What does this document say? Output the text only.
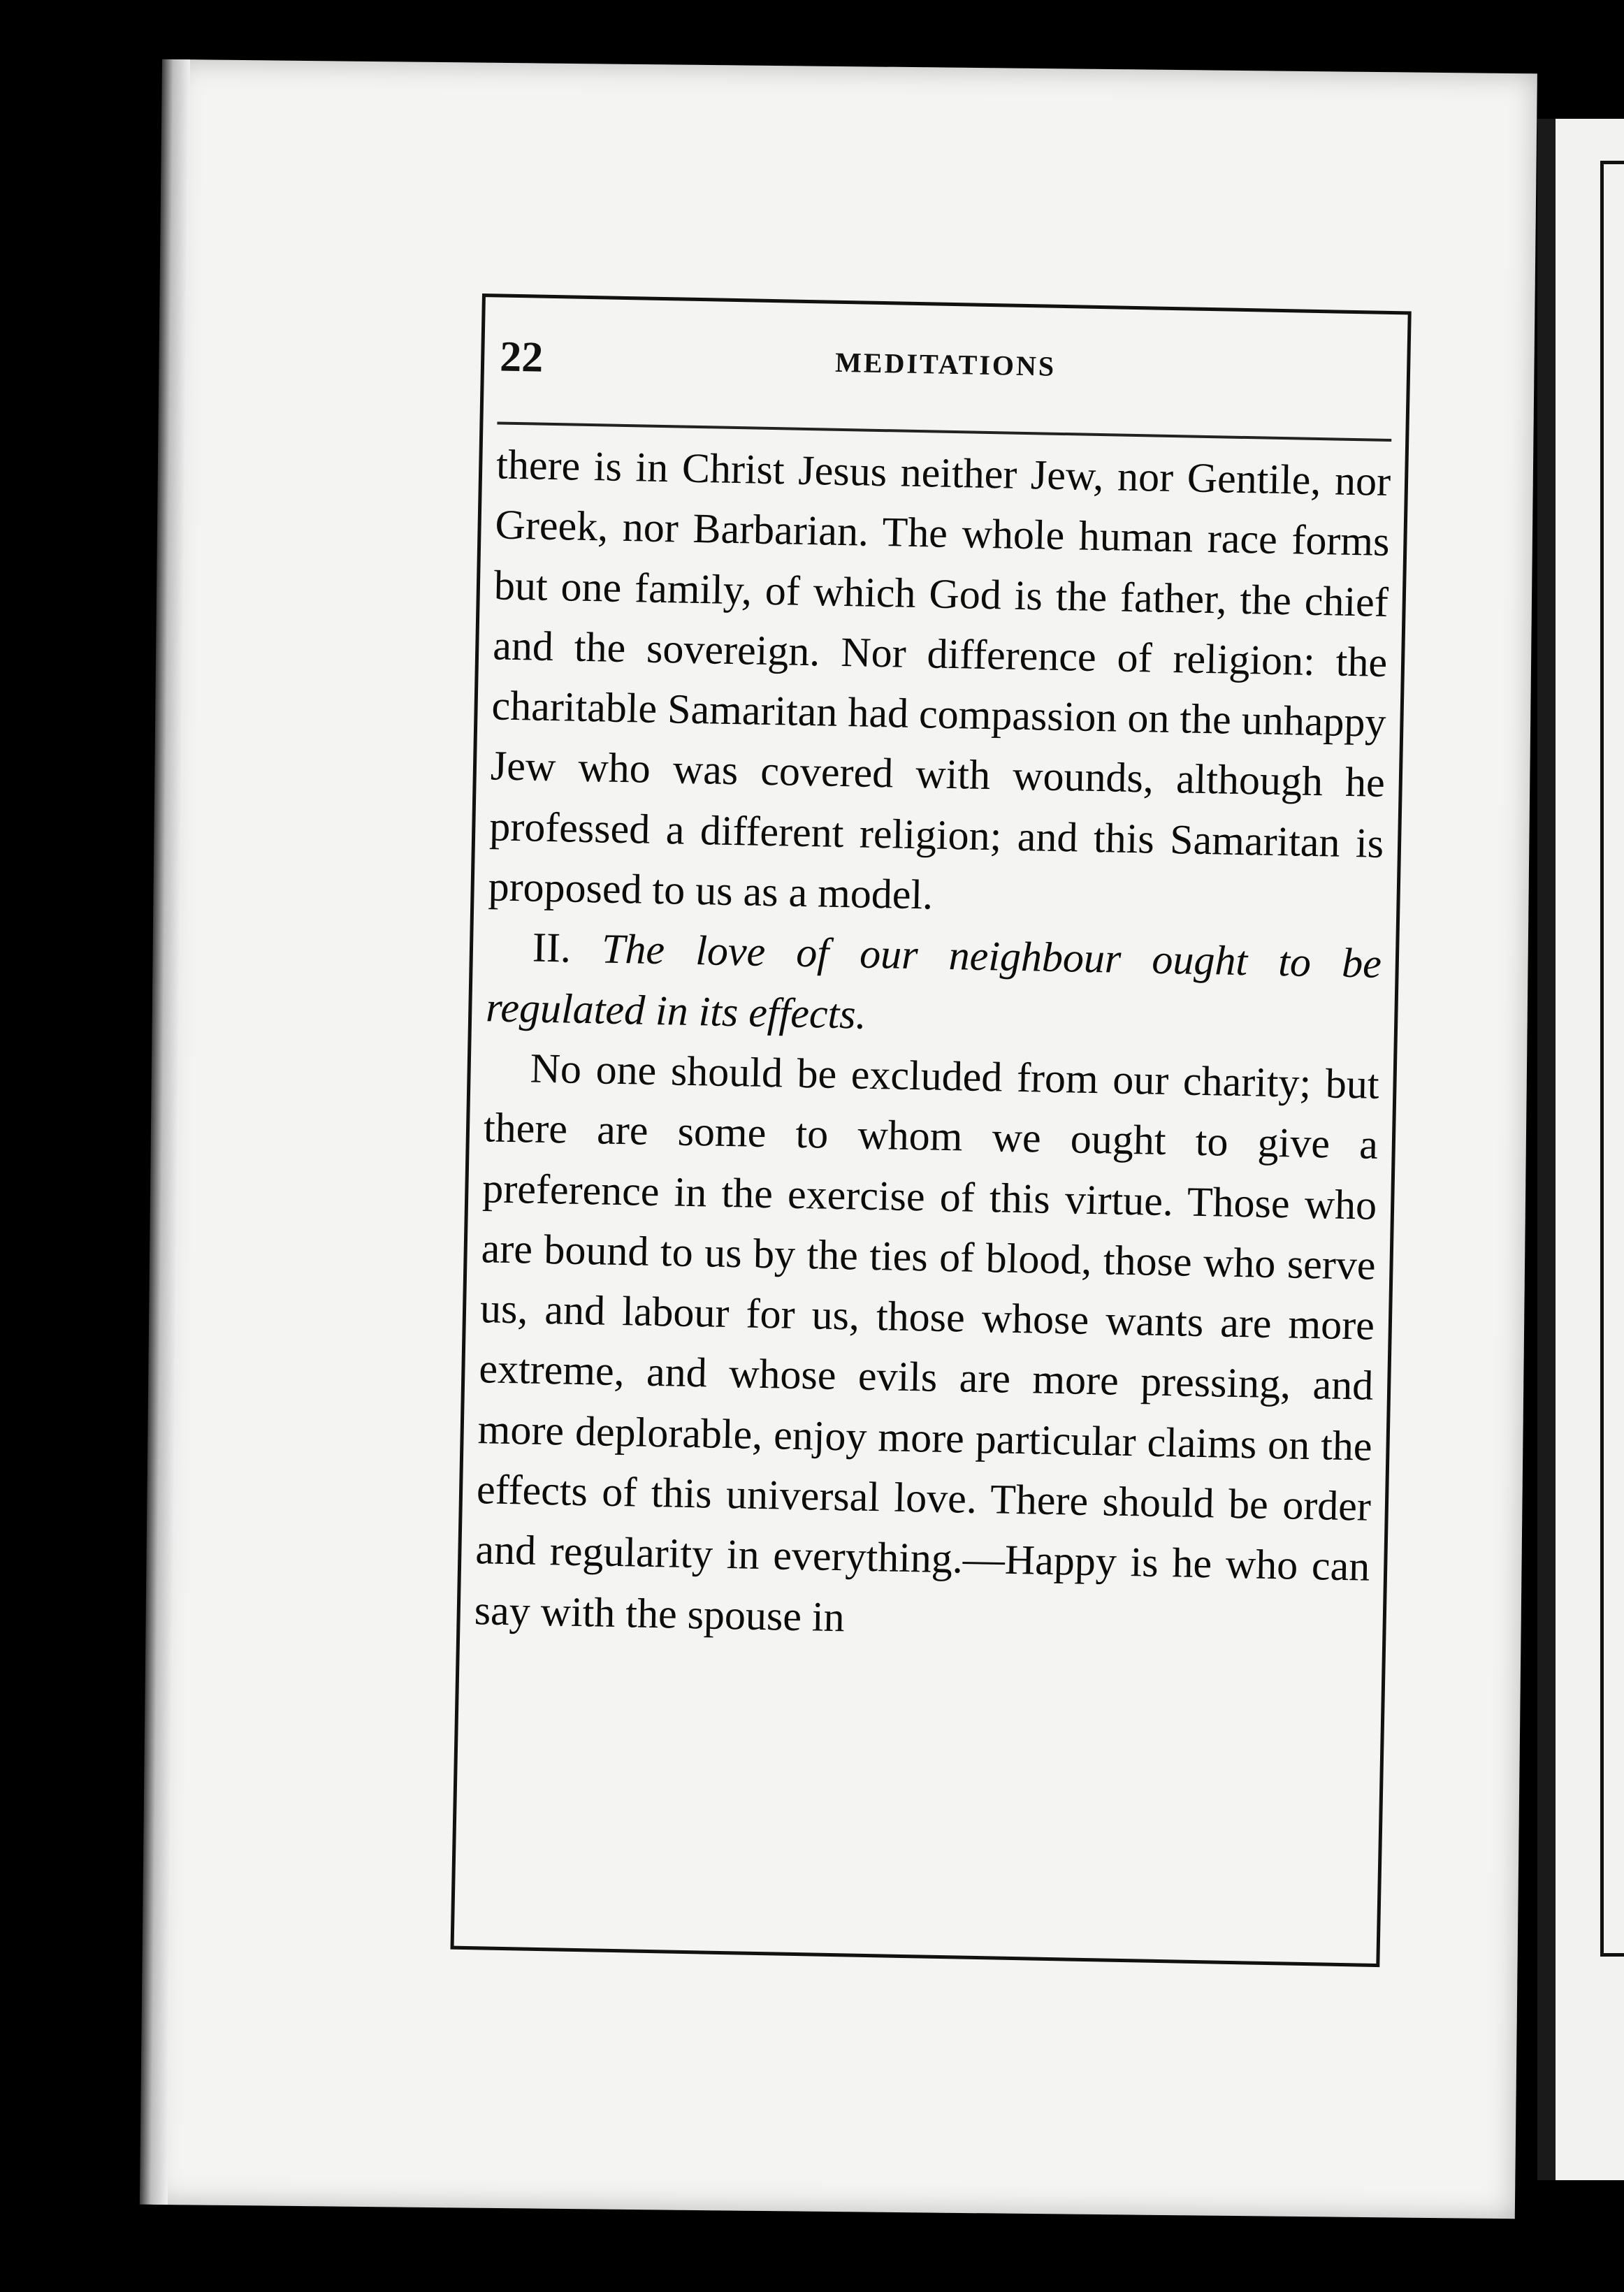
22	MEDITATIONS

there is in Christ Jesus neither Jew, nor Gentile, nor Greek, nor Barbarian. The whole human race forms but one family, of which God is the father, the chief and the sovereign. Nor difference of religion: the charitable Samaritan had compassion on the unhappy Jew who was covered with wounds, although he professed a different religion; and this Samaritan is proposed to us as a model.

II. The love of our neighbour ought to be regulated in its effects.

No one should be excluded from our charity; but there are some to whom we ought to give a preference in the exercise of this virtue. Those who are bound to us by the ties of blood, those who serve us, and labour for us, those whose wants are more extreme, and whose evils are more pressing, and more deplorable, enjoy more particular claims on the effects of this universal love. There should be order and regularity in everything.—Happy is he who can say with the spouse in
